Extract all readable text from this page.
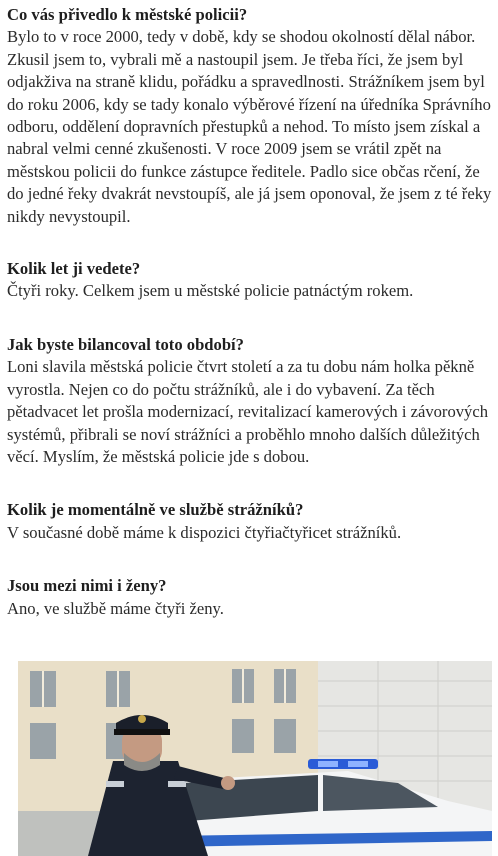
Co vás přivedlo k městské policii?
Bylo to v roce 2000, tedy v době, kdy se shodou okolností dělal nábor. Zkusil jsem to, vybrali mě a nastoupil jsem. Je třeba říci, že jsem byl odjakživa na straně klidu, pořádku a spravedlnosti. Strážníkem jsem byl do roku 2006, kdy se tady konalo výběrové řízení na úředníka Správního odboru, oddělení dopravních přestupků a nehod. To místo jsem získal a nabral velmi cenné zkušenosti. V roce 2009 jsem se vrátil zpět na městskou policii do funkce zástupce ředitele. Padlo sice občas rčení, že do jedné řeky dvakrát nevstoupíš, ale já jsem oponoval, že jsem z té řeky nikdy nevystoupil.
Kolik let ji vedete?
Čtyři roky. Celkem jsem u městské policie patnáctým rokem.
Jak byste bilancoval toto období?
Loni slavila městská policie čtvrt století a za tu dobu nám holka pěkně vyrostla. Nejen co do počtu strážníků, ale i do vybavení. Za těch pětadvacet let prošla modernizací, revitalizací kamerových i závorových systémů, přibrali se noví strážníci a proběhlo mnoho dalších důležitých věcí. Myslím, že městská policie jde s dobou.
Kolik je momentálně ve službě strážníků?
V současné době máme k dispozici čtyřiačtyřicet strážníků.
Jsou mezi nimi i ženy?
Ano, ve službě máme čtyři ženy.
